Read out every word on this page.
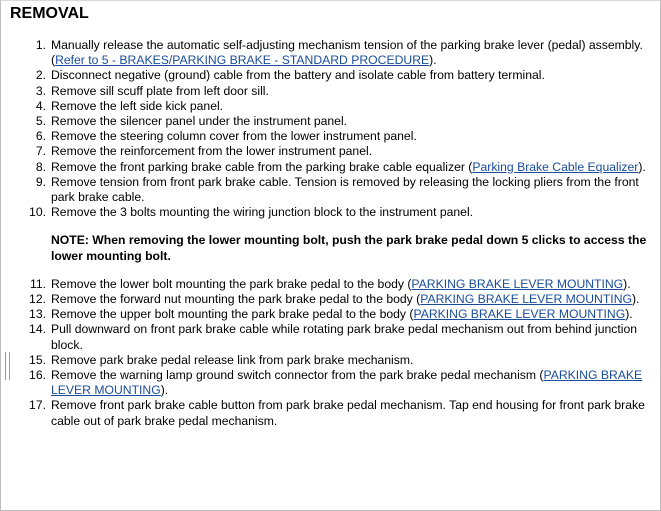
REMOVAL
1. Manually release the automatic self-adjusting mechanism tension of the parking brake lever (pedal) assembly. (Refer to 5 - BRAKES/PARKING BRAKE - STANDARD PROCEDURE).
2. Disconnect negative (ground) cable from the battery and isolate cable from battery terminal.
3. Remove sill scuff plate from left door sill.
4. Remove the left side kick panel.
5. Remove the silencer panel under the instrument panel.
6. Remove the steering column cover from the lower instrument panel.
7. Remove the reinforcement from the lower instrument panel.
8. Remove the front parking brake cable from the parking brake cable equalizer (Parking Brake Cable Equalizer).
9. Remove tension from front park brake cable. Tension is removed by releasing the locking pliers from the front park brake cable.
10. Remove the 3 bolts mounting the wiring junction block to the instrument panel.

NOTE: When removing the lower mounting bolt, push the park brake pedal down 5 clicks to access the lower mounting bolt.

11. Remove the lower bolt mounting the park brake pedal to the body (PARKING BRAKE LEVER MOUNTING).
12. Remove the forward nut mounting the park brake pedal to the body (PARKING BRAKE LEVER MOUNTING).
13. Remove the upper bolt mounting the park brake pedal to the body (PARKING BRAKE LEVER MOUNTING).
14. Pull downward on front park brake cable while rotating park brake pedal mechanism out from behind junction block.
15. Remove park brake pedal release link from park brake mechanism.
16. Remove the warning lamp ground switch connector from the park brake pedal mechanism (PARKING BRAKE LEVER MOUNTING).
17. Remove front park brake cable button from park brake pedal mechanism. Tap end housing for front park brake cable out of park brake pedal mechanism.
